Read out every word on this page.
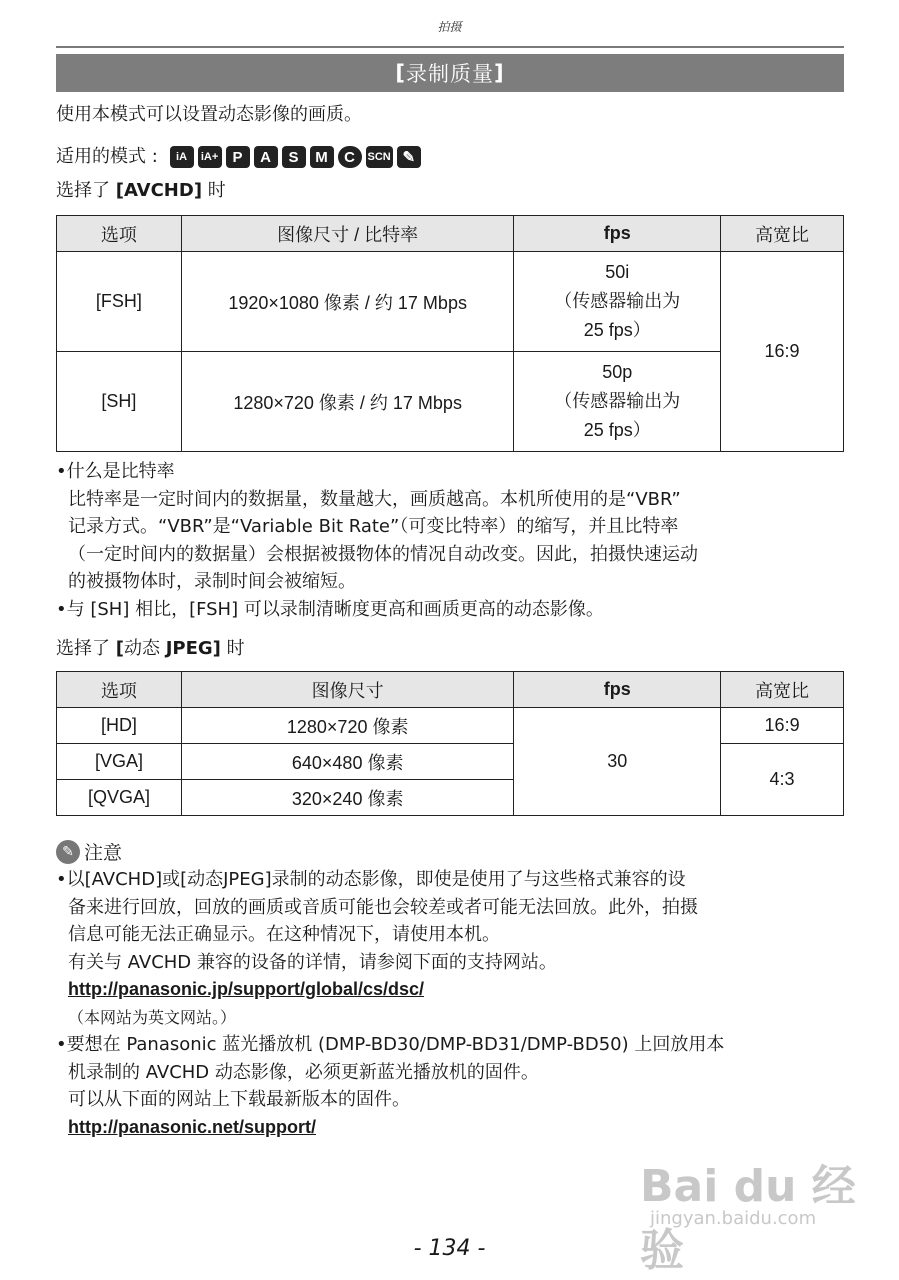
拍摄
[ 录制质量 ]
使用本模式可以设置动态影像的画质。
适用的模式 :	iA	iA+ P	A	S	M	C	SCN ✎
选择了 [AVCHD] 时
选项	图像尺寸 / 比特率	fps	高宽比
[FSH]	1920×1080 像素 / 约 17 Mbps	50i
（传感器输出为
25 fps）	16:9
[SH]	1280×720 像素 / 约 17 Mbps	50p
（传感器输出为
25 fps）	
•什么是比特率
比特率是一定时间内的数据量，数量越大，画质越高。本机所使用的是“VBR”
记录方式。“VBR”是“Variable Bit Rate”（可变比特率）的缩写，并且比特率
（一定时间内的数据量）会根据被摄物体的情况自动改变。因此，拍摄快速运动
的被摄物体时，录制时间会被缩短。
•与 [SH] 相比，[FSH] 可以录制清晰度更高和画质更高的动态影像。
选择了 [动态 JPEG] 时
选项	图像尺寸	fps	高宽比
[HD]	1280×720 像素	30	16:9
[VGA]	640×480 像素		4:3
[QVGA]	320×240 像素		
✎ 注意
•以[AVCHD]或[动态JPEG]录制的动态影像，即使是使用了与这些格式兼容的设
备来进行回放，回放的画质或音质可能也会较差或者可能无法回放。此外，拍摄
信息可能无法正确显示。在这种情况下，请使用本机。
有关与 AVCHD 兼容的设备的详情，请参阅下面的支持网站。
http://panasonic.jp/support/global/cs/dsc/
（本网站为英文网站。）
•要想在 Panasonic 蓝光播放机 (DMP-BD30/DMP-BD31/DMP-BD50) 上回放用本
机录制的 AVCHD 动态影像，必须更新蓝光播放机的固件。
可以从下面的网站上下载最新版本的固件。
http://panasonic.net/support/
Bai du 经验
jingyan.baidu.com
- 134 -
